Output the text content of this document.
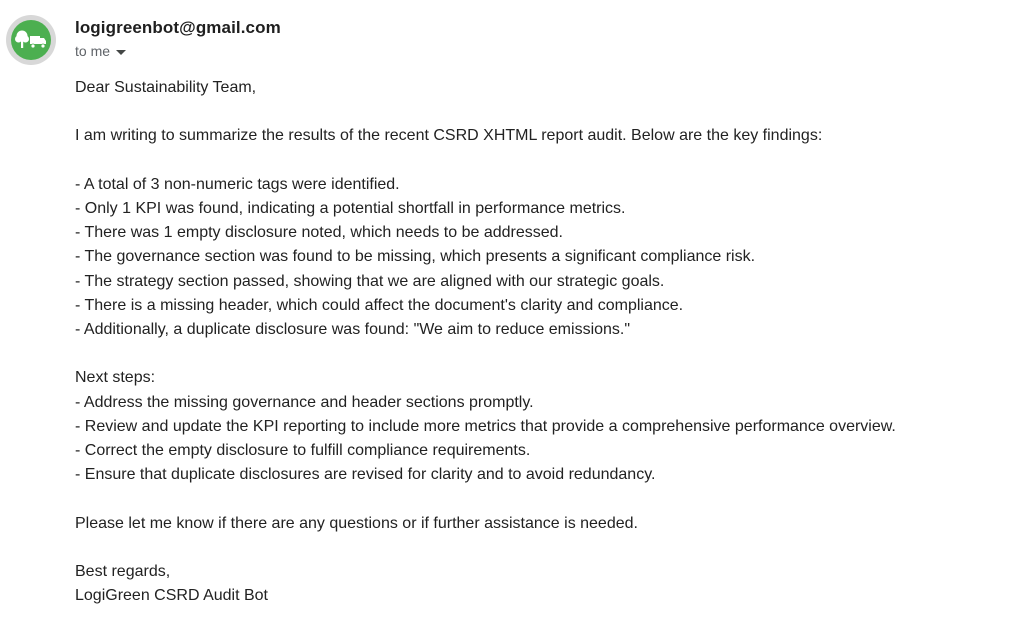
logigreenbot@gmail.com
to me
Dear Sustainability Team,
I am writing to summarize the results of the recent CSRD XHTML report audit. Below are the key findings:
- A total of 3 non-numeric tags were identified.
- Only 1 KPI was found, indicating a potential shortfall in performance metrics.
- There was 1 empty disclosure noted, which needs to be addressed.
- The governance section was found to be missing, which presents a significant compliance risk.
- The strategy section passed, showing that we are aligned with our strategic goals.
- There is a missing header, which could affect the document's clarity and compliance.
- Additionally, a duplicate disclosure was found: "We aim to reduce emissions."
Next steps:
- Address the missing governance and header sections promptly.
- Review and update the KPI reporting to include more metrics that provide a comprehensive performance overview.
- Correct the empty disclosure to fulfill compliance requirements.
- Ensure that duplicate disclosures are revised for clarity and to avoid redundancy.
Please let me know if there are any questions or if further assistance is needed.
Best regards,
LogiGreen CSRD Audit Bot
